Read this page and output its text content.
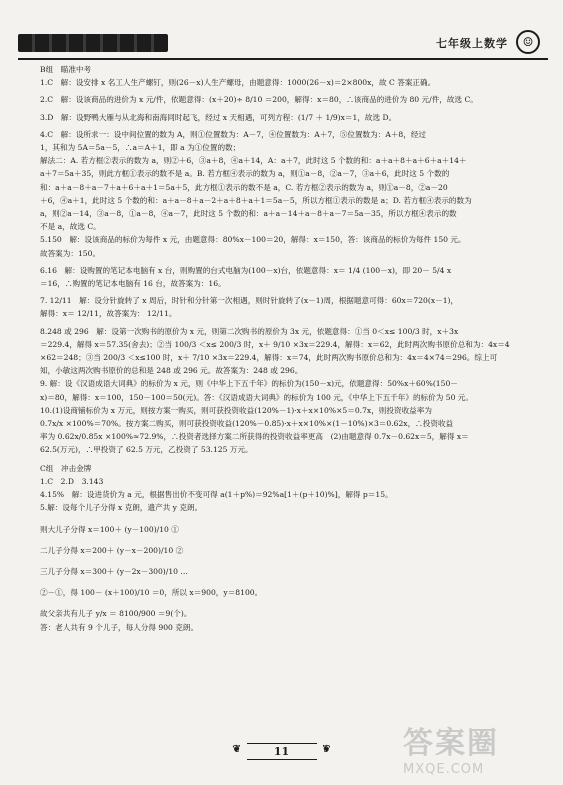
七年级上数学	☺
B组　瞄准中考
1.C　解：设安排 x 名工人生产螺钉，则(26－x)人生产螺母，由题意得：1000(26－x)＝2×800x，故 C 答案正确。
2.C　解：设该商品的进价为 x 元/件，依题意得：(x＋20)÷ 8/10 ＝200，解得：x＝80，∴该商品的进价为 80 元/件，故选 C。
3.D　解：设野鸭大雁与从北海和南海同时起飞，经过 x 天相遇，可列方程：(1/7 ＋ 1/9)x＝1，故选 D。
4.C　解：设所求一：设中间位置的数为 A，则①位置数为：A－7，④位置数为：A＋7，⑤位置数为：A＋8，经过
1，其和为 5A＝5a－5，∴a＝A＋1，即 a 为①位置的数；
解法二：A. 若方框②表示的数为 a，则②＋6，③a＋8，④a＋14，A：a＋7，此时这 5 个数的和：a＋a＋8＋a＋6＋a＋14＋
a＋7＝5a＋35，则此方框①表示的数不是 a。B. 若方框④表示的数为 a，则①a－8，②a－7，③a＋6，此时这 5 个数的
和：a＋a－8＋a－7＋a＋6＋a＋1＝5a＋5，此方框①表示的数不是 a，C. 若方框②表示的数为 a，则①a－8，②a－20
＋6，④a＋1，此时这 5 个数的和：a＋a－8＋a－2＋a＋8＋a＋1＝5a－5，所以方框①表示的数是 a；D. 若方框④表示的数为
a，则②a－14，③a－8，①a－8，④a－7，此时这 5 个数的和：a＋a－14＋a－8＋a－7＝5a－35，所以方框④表示的数
不是 a，故选 C。
5.150　解：设该商品的标价为每件 x 元，由题意得：80%x－100＝20，解得：x＝150，答：该商品的标价为每件 150 元。
故答案为：150。
6.16　解：设购置的笔记本电脑有 x 台，则购置的台式电脑为(100－x)台，依题意得：x＝ 1/4 (100－x)，即 20－ 5/4 x
＝16，∴购置的笔记本电脑有 16 台，故答案为：16。
7. 12/11　解：设分针旋转了 x 周后，时针和分针第一次相遇，则时针旋转了(x－1)周，根据题意可得：60x＝720(x－1)，
解得：x＝ 12/11，故答案为： 12/11。
8.248 或 296　解：设第一次购书的原价为 x 元，则第二次购书的原价为 3x 元，依题意得：①当 0＜x≤ 100/3 时，x＋3x
＝229.4，解得 x＝57.35(舍去)；②当 100/3 ＜x≤ 200/3 时，x＋ 9/10 ×3x＝229.4，解得：x＝62，此时两次购书原价总和为：4x＝4
×62＝248；③当 200/3 ＜x≤100 时，x＋ 7/10 ×3x＝229.4，解得：x＝74，此时两次购书原价总和为：4x＝4×74＝296。综上可
知，小敏这两次购书原价的总和是 248 或 296 元。故答案为：248 或 296。
9. 解：设《汉语成语大词典》的标价为 x 元，则《中华上下五千年》的标价为(150－x)元，依题意得：50%x＋60%(150－
x)＝80，解得：x＝100，150－100＝50(元)。答：《汉语成语大词典》的标价为 100 元，《中华上下五千年》的标价为 50 元。
10.(1)设商铺标价为 x 万元，则按方案一购买，则可获投资收益(120%－1)·x＋x×10%×5＝0.7x，则投资收益率为
0.7x/x ×100%＝70%。按方案二购买，则可获投资收益(120%－0.85)·x＋x×10%×(1－10%)×3＝0.62x，∴投资收益
率为 0.62x/0.85x ×100%≈72.9%，∴投资者选择方案二所获得的投资收益率更高　(2)由题意得 0.7x－0.62x＝5，解得 x＝
62.5(万元)，∴甲投资了 62.5 万元，乙投资了 53.125 万元。
C组　冲击金牌
1.C　2.D　3.143
4.15%　解：设进货价为 a 元，根据售出价不变可得 a(1＋p%)＝92%a[1＋(p＋10)%]，解得 p＝15。
5.解：设每个儿子分得 x 克朗，遗产共 y 克朗。
则大儿子分得 x＝100＋ (y－100)/10 ①
二儿子分得 x＝200＋ (y－x－200)/10 ②
三儿子分得 x＝300＋ (y－2x－300)/10 …
②－①，得 100－ (x＋100)/10 ＝0，所以 x＝900，y＝8100。
故父亲共有儿子 y/x ＝ 8100/900 ＝9(个)。
答：老人共有 9 个儿子，每人分得 900 克朗。
❦ 11 ❦	答案圈
MXQE.COM
